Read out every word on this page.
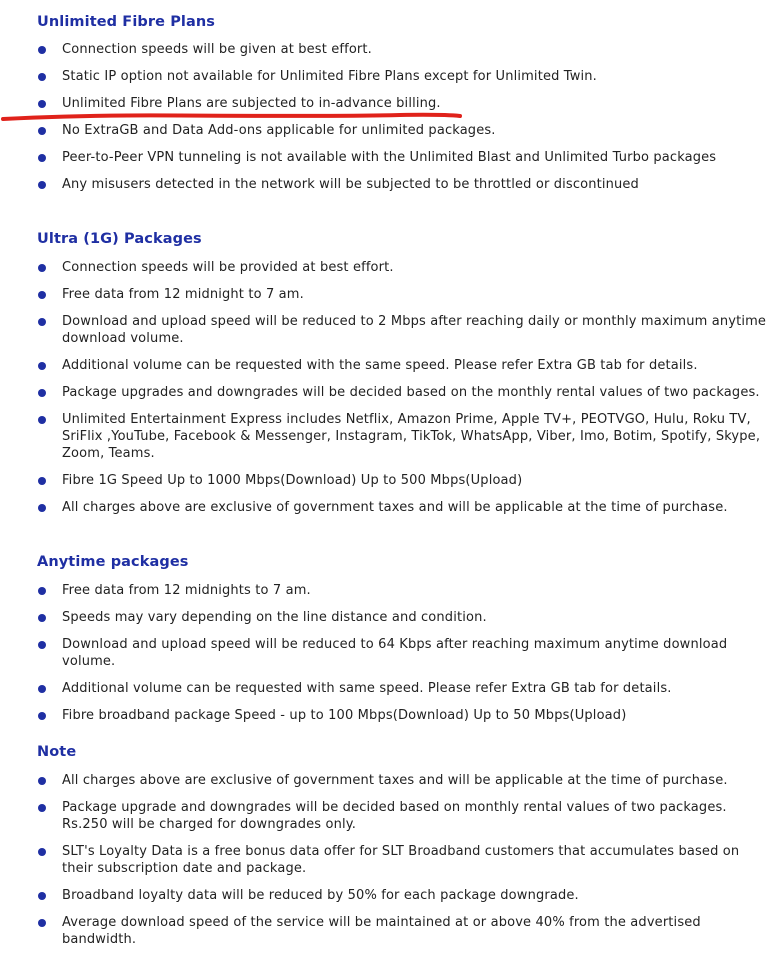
Unlimited Fibre Plans
Connection speeds will be given at best effort.
Static IP option not available for Unlimited Fibre Plans except for Unlimited Twin.
Unlimited Fibre Plans are subjected to in-advance billing.
No ExtraGB and Data Add-ons applicable for unlimited packages.
Peer-to-Peer VPN tunneling is not available with the Unlimited Blast and Unlimited Turbo packages
Any misusers detected in the network will be subjected to be throttled or discontinued
Ultra (1G) Packages
Connection speeds will be provided at best effort.
Free data from 12 midnight to 7 am.
Download and upload speed will be reduced to 2 Mbps after reaching daily or monthly maximum anytime download volume.
Additional volume can be requested with the same speed. Please refer Extra GB tab for details.
Package upgrades and downgrades will be decided based on the monthly rental values of two packages.
Unlimited Entertainment Express includes Netflix, Amazon Prime, Apple TV+, PEOTVGO, Hulu, Roku TV, SriFlix ,YouTube, Facebook & Messenger, Instagram, TikTok, WhatsApp, Viber, Imo, Botim, Spotify, Skype, Zoom, Teams.
Fibre 1G Speed Up to 1000 Mbps(Download) Up to 500 Mbps(Upload)
All charges above are exclusive of government taxes and will be applicable at the time of purchase.
Anytime packages
Free data from 12 midnights to 7 am.
Speeds may vary depending on the line distance and condition.
Download and upload speed will be reduced to 64 Kbps after reaching maximum anytime download volume.
Additional volume can be requested with same speed. Please refer Extra GB tab for details.
Fibre broadband package Speed - up to 100 Mbps(Download) Up to 50 Mbps(Upload)
Note
All charges above are exclusive of government taxes and will be applicable at the time of purchase.
Package upgrade and downgrades will be decided based on monthly rental values of two packages. Rs.250 will be charged for downgrades only.
SLT's Loyalty Data is a free bonus data offer for SLT Broadband customers that accumulates based on their subscription date and package.
Broadband loyalty data will be reduced by 50% for each package downgrade.
Average download speed of the service will be maintained at or above 40% from the advertised bandwidth.
